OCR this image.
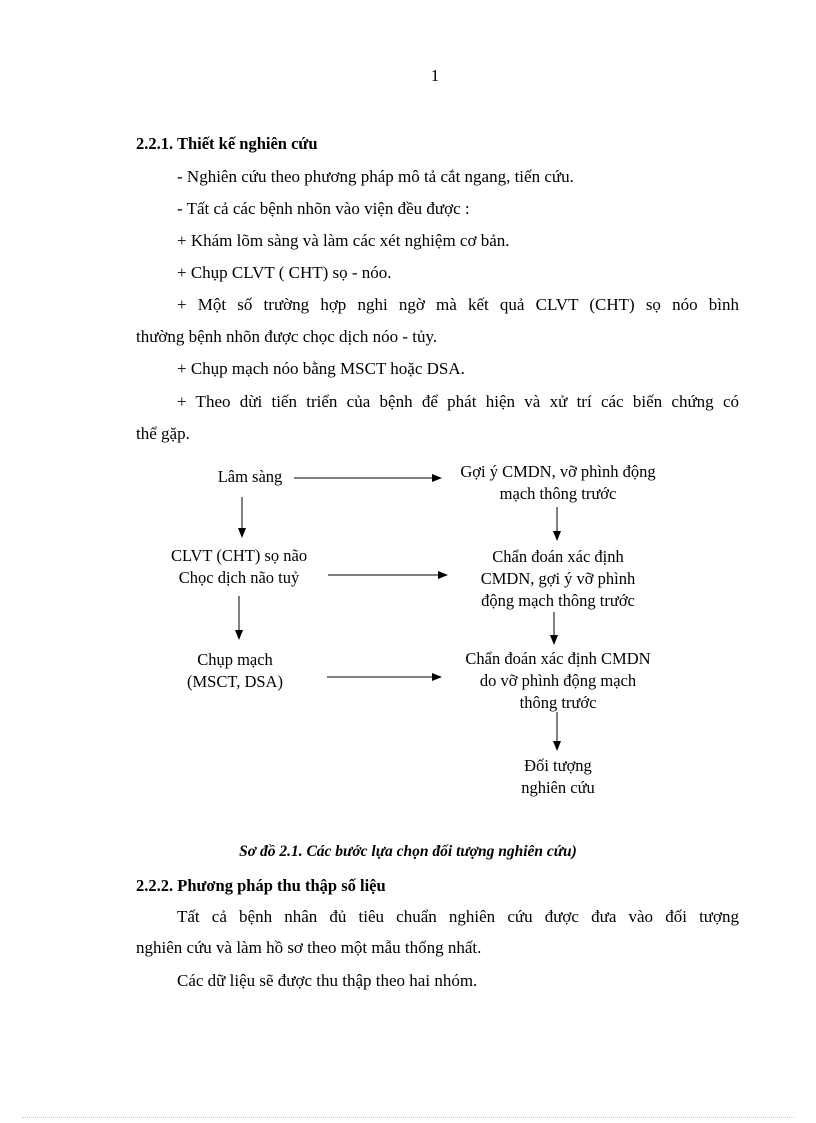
1
2.2.1. Thiết kế nghiên cứu
- Nghiên cứu theo phương pháp mô tả cắt ngang, tiến cứu.
- Tất cả các bệnh nhõn vào viện đều được :
+ Khám lõm sàng và làm các xét nghiệm cơ bản.
+ Chụp CLVT ( CHT) sọ - nóo.
+ Một số trường hợp nghi ngờ mà kết quả CLVT (CHT) sọ nóo bình
thường bệnh nhõn được chọc dịch nóo - tủy.
+ Chụp mạch nóo bằng MSCT hoặc DSA.
+ Theo dừi tiến triển của bệnh để phát hiện và xử trí các biến chứng có
thể gặp.
Lâm sàng
CLVT (CHT) sọ não
Chọc dịch não tuỷ
Chụp mạch
(MSCT, DSA)
Gợi ý CMDN, vỡ phình động
mạch thông trước
Chẩn đoán xác định
CMDN, gợi ý vỡ phình
động mạch thông trước
Chẩn đoán xác định CMDN
do vỡ phình động mạch
thông trước
Đối tượng
nghiên cứu
Sơ đồ 2.1. Các bước lựa chọn đối tượng nghiên cứu)
2.2.2. Phương pháp thu thập số liệu
Tất cả bệnh nhân đủ tiêu chuẩn nghiên cứu được đưa vào đối tượng
nghiên cứu và làm hồ sơ theo một mẫu thống nhất.
Các dữ liệu sẽ được thu thập theo hai nhóm.
